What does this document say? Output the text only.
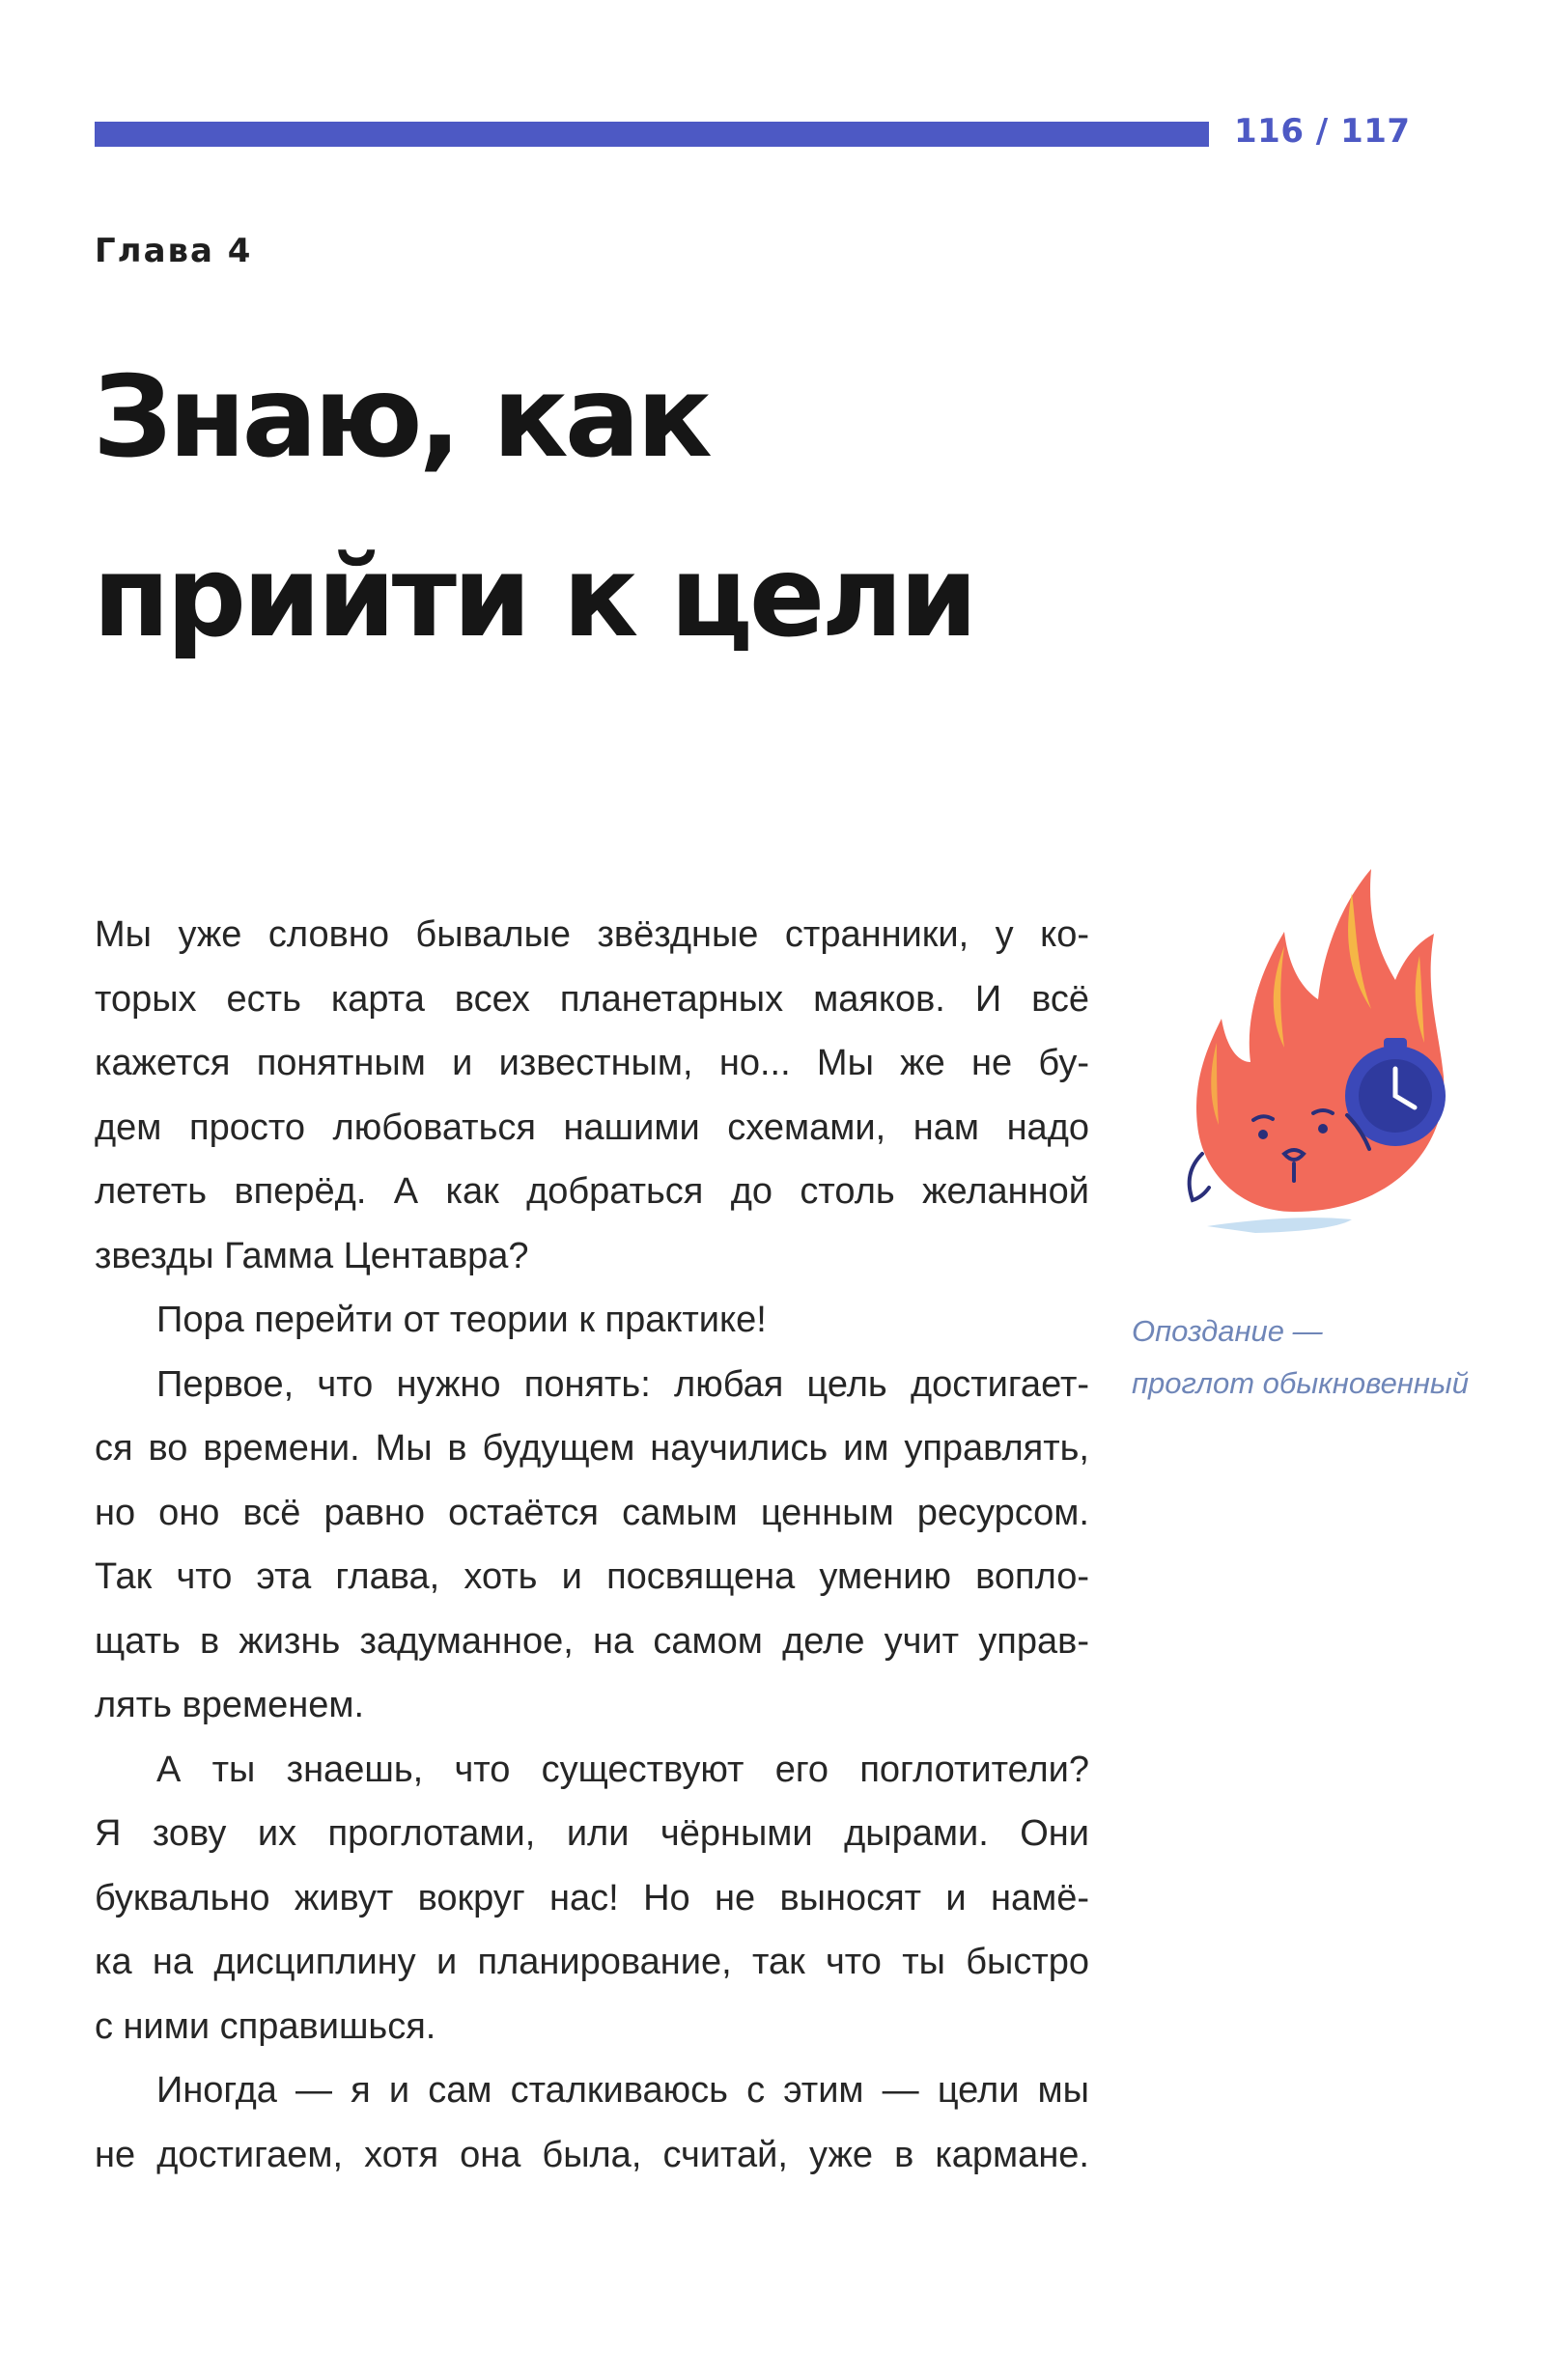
116 / 117
Глава 4
Знаю, как
прийти к цели
Мы уже словно бывалые звёздные странники, у ко-
торых есть карта всех планетарных маяков. И всё
кажется понятным и известным, но... Мы же не бу-
дем просто любоваться нашими схемами, нам надо
лететь вперёд. А как добраться до столь желанной
звезды Гамма Центавра?
Пора перейти от теории к практике!
Первое, что нужно понять: любая цель достигает-
ся во времени. Мы в будущем научились им управлять,
но оно всё равно остаётся самым ценным ресурсом.
Так что эта глава, хоть и посвящена умению вопло-
щать в жизнь задуманное, на самом деле учит управ-
лять временем.
А ты знаешь, что существуют его поглотители?
Я зову их проглотами, или чёрными дырами. Они
буквально живут вокруг нас! Но не выносят и намё-
ка на дисциплину и планирование, так что ты быстро
с ними справишься.
Иногда — я и сам сталкиваюсь с этим — цели мы
не достигаем, хотя она была, считай, уже в кармане.
Опоздание —
проглот обыкновенный
